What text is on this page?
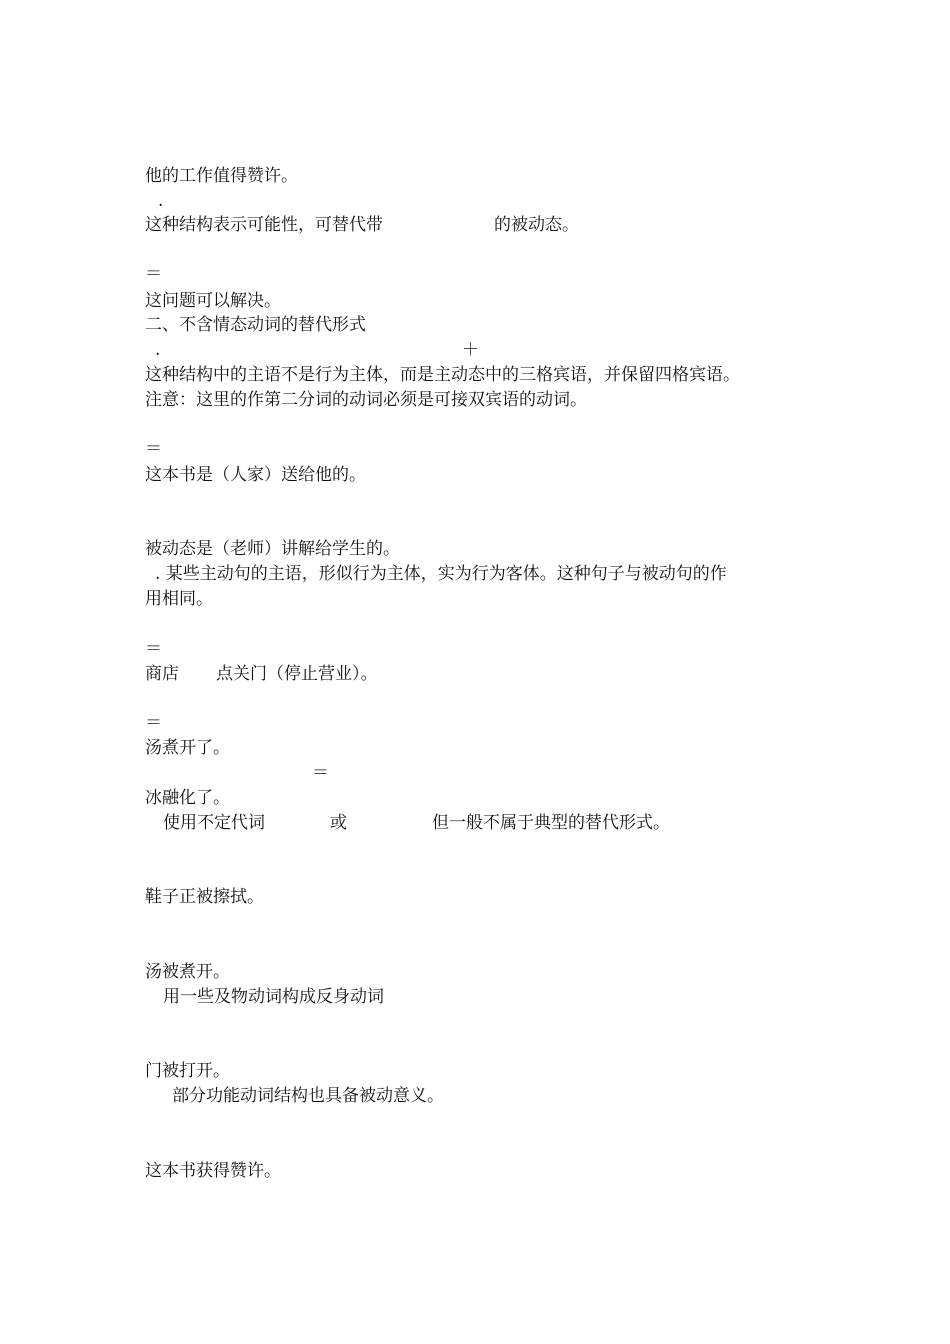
他的工作值得赞许。
.
这种结构表示可能性，可替代带	的被动态。
＝
这问题可以解决。
二、不含情态动词的替代形式
.	＋
这种结构中的主语不是行为主体，而是主动态中的三格宾语，并保留四格宾语。
注意：这里的作第二分词的动词必须是可接双宾语的动词。
＝
这本书是（人家）送给他的。
被动态是（老师）讲解给学生的。
. 某些主动句的主语，形似行为主体，实为行为客体。这种句子与被动句的作
用相同。
＝
商店 点关门（停止营业）。
＝
汤煮开了。
＝
冰融化了。
使用不定代词	或	但一般不属于典型的替代形式。
鞋子正被擦拭。
汤被煮开。
用一些及物动词构成反身动词
门被打开。
部分功能动词结构也具备被动意义。
这本书获得赞许。
